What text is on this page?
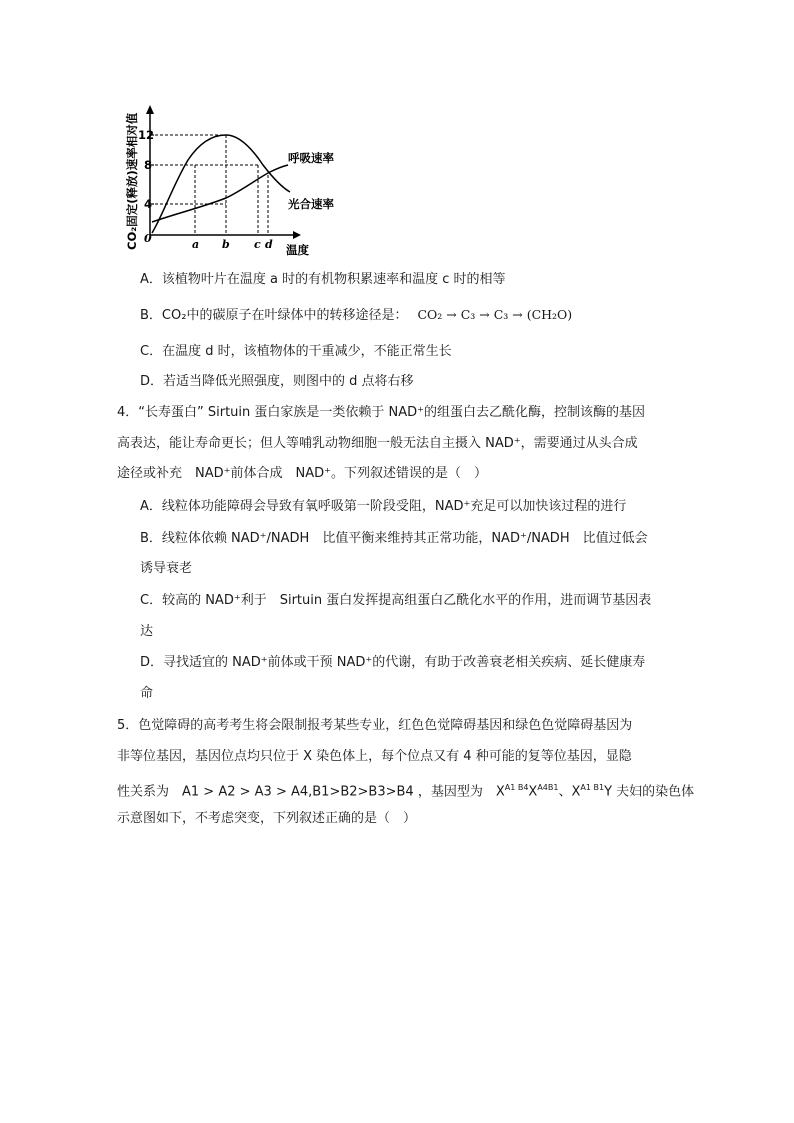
12
8
4
0	a b c d 温度
CO₂固定(释放)速率相对值	呼吸速率
光合速率
A．该植物叶片在温度 a 时的有机物积累速率和温度 c 时的相等
B．CO₂中的碳原子在叶绿体中的转移途径是： CO₂ → C₃ → C₃ → (CH₂O)
C．在温度 d 时，该植物体的干重减少，不能正常生长
D．若适当降低光照强度，则图中的 d 点将右移
4．“长寿蛋白” Sirtuin 蛋白家族是一类依赖于 NAD⁺的组蛋白去乙酰化酶，控制该酶的基因
高表达，能让寿命更长；但人等哺乳动物细胞一般无法自主摄入 NAD⁺，需要通过从头合成
途径或补充　NAD⁺前体合成　NAD⁺。下列叙述错误的是（　）
A．线粒体功能障碍会导致有氧呼吸第一阶段受阻，NAD⁺充足可以加快该过程的进行
B．线粒体依赖 NAD⁺/NADH　比值平衡来维持其正常功能，NAD⁺/NADH　比值过低会
诱导衰老
C．较高的 NAD⁺利于　Sirtuin 蛋白发挥提高组蛋白乙酰化水平的作用，进而调节基因表
达
D．寻找适宜的 NAD⁺前体或干预 NAD⁺的代谢，有助于改善衰老相关疾病、延长健康寿
命
5．色觉障碍的高考考生将会限制报考某些专业，红色色觉障碍基因和绿色色觉障碍基因为
非等位基因，基因位点均只位于 X 染色体上，每个位点又有 4 种可能的复等位基因，显隐
性关系为　A1 > A2 > A3 > A4,B1>B2>B3>B4 ，基因型为　$X^{A1 B4}X^{A4B1}$、$X^{A1 B1}Y$ 夫妇的染色体
示意图如下，不考虑突变，下列叙述正确的是（　）
